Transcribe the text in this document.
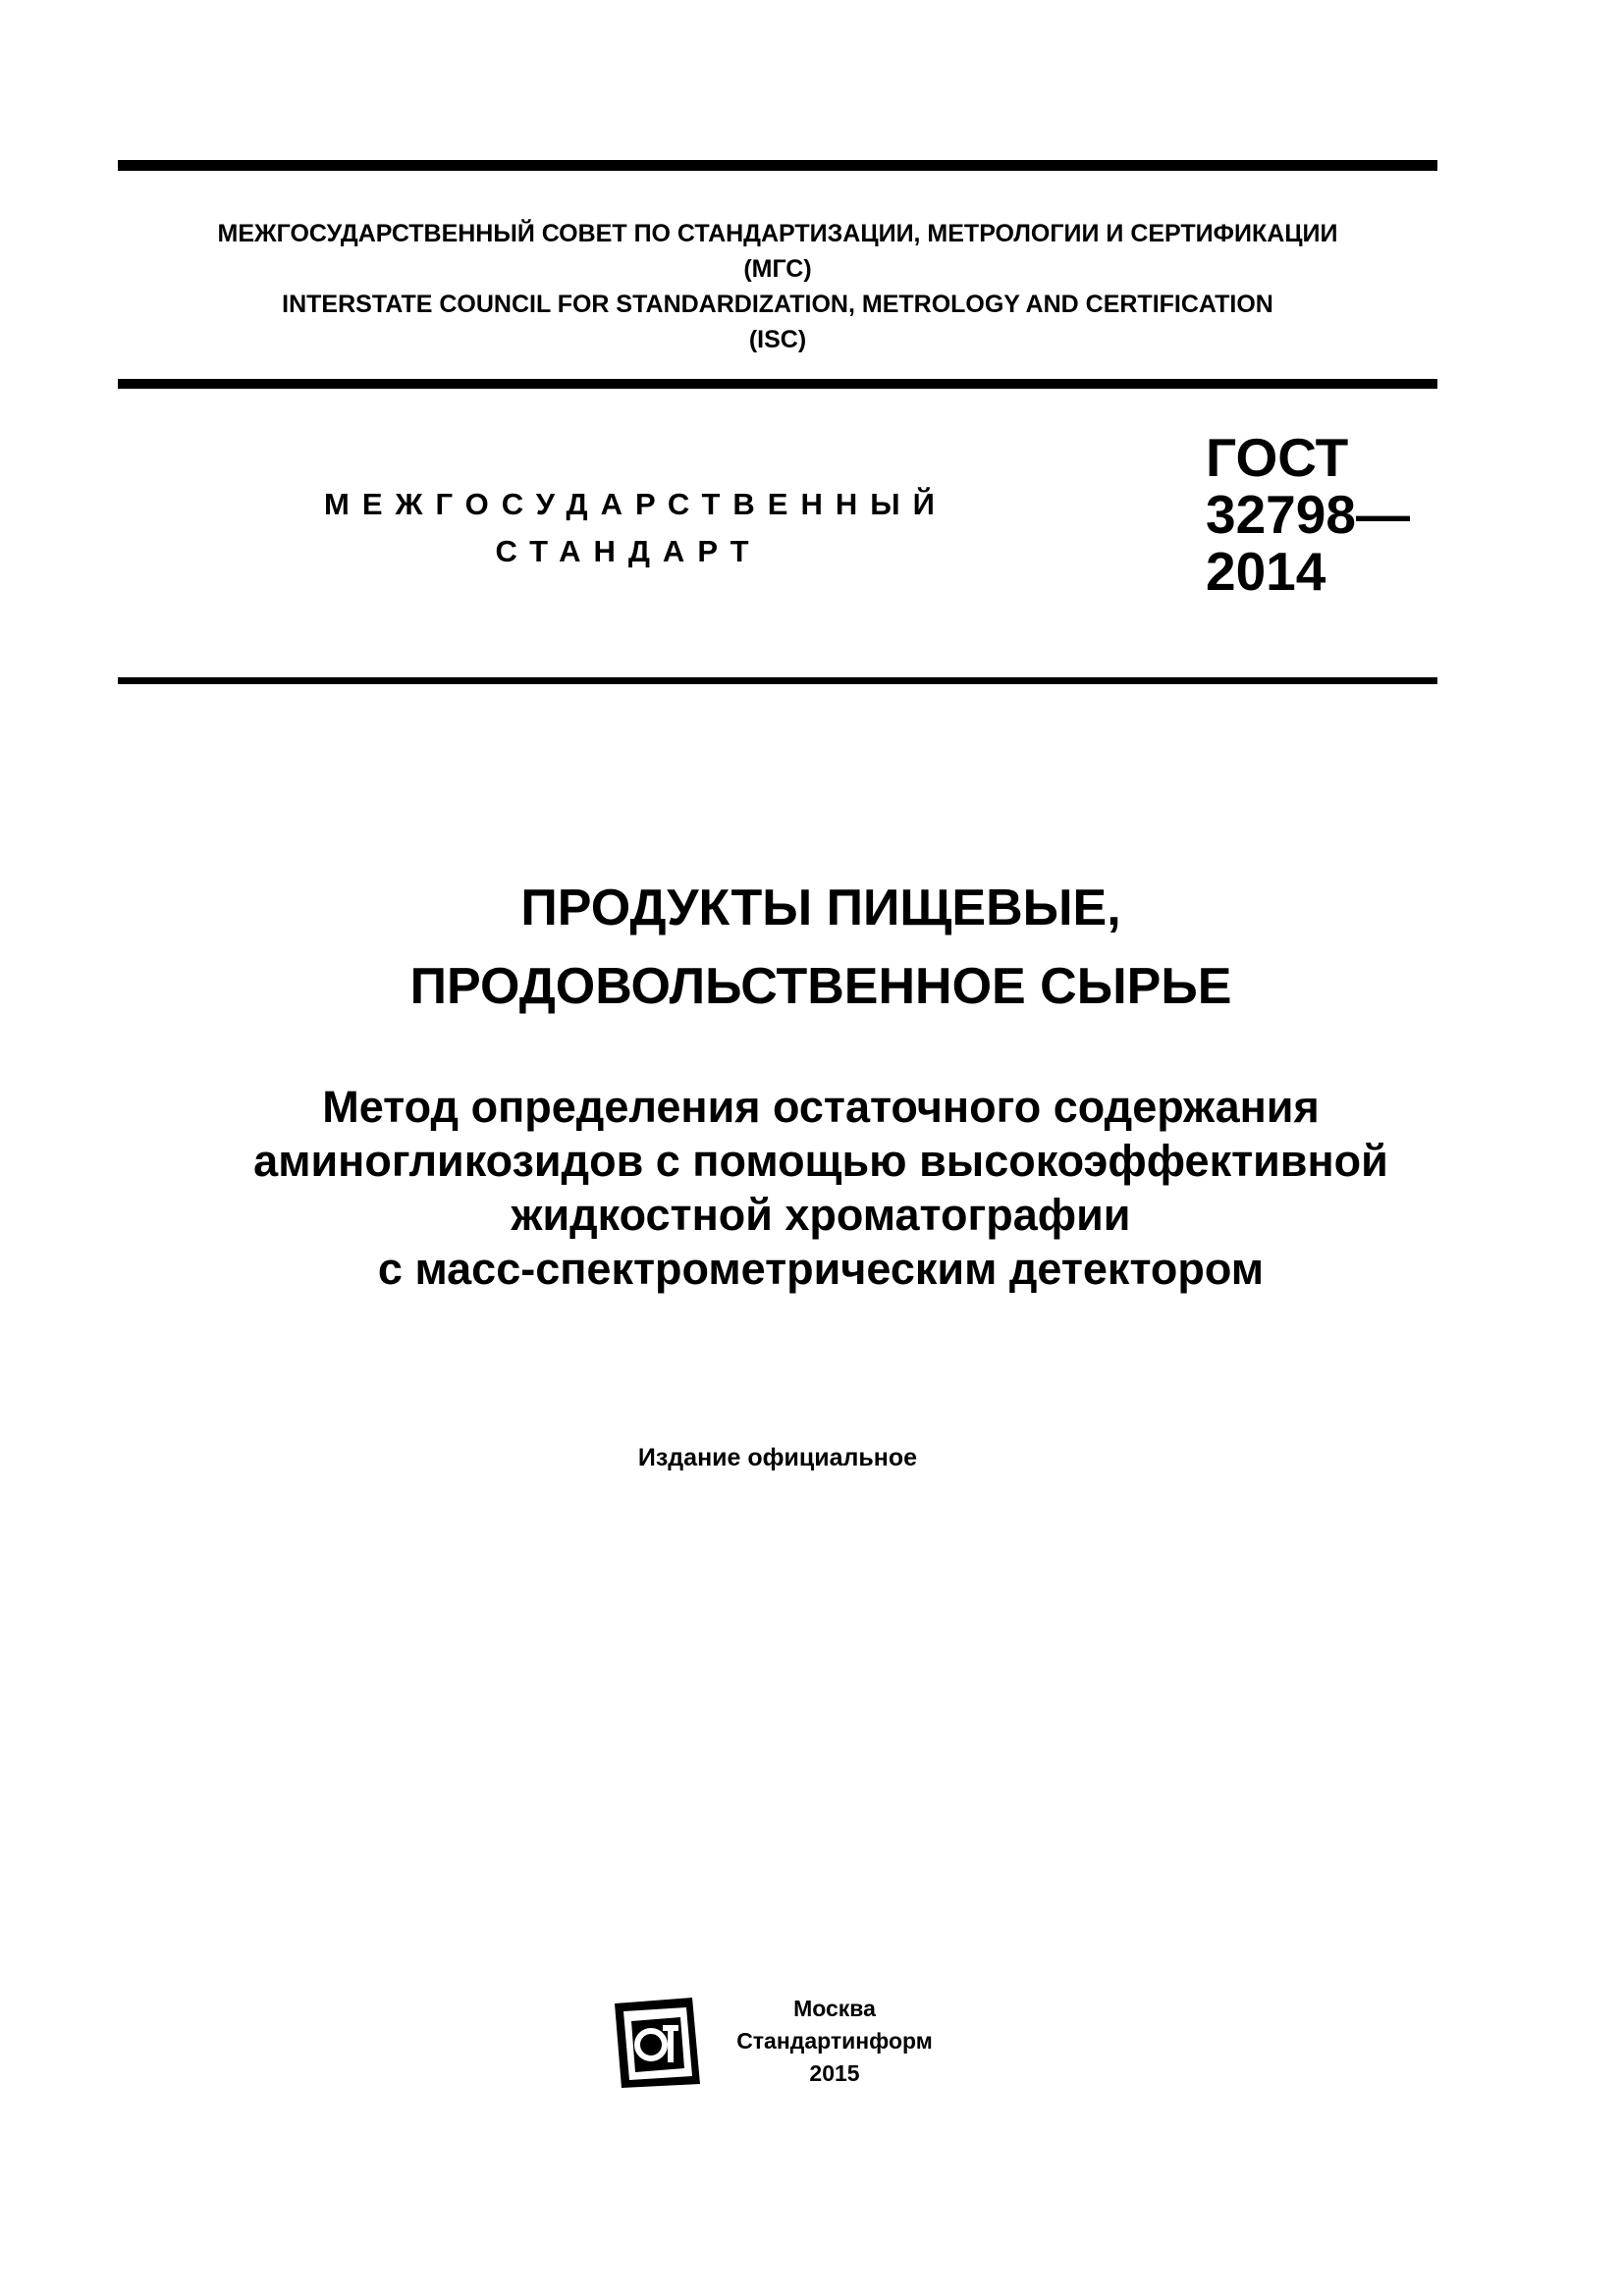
МЕЖГОСУДАРСТВЕННЫЙ СОВЕТ ПО СТАНДАРТИЗАЦИИ, МЕТРОЛОГИИ И СЕРТИФИКАЦИИ
(МГС)
INTERSTATE COUNCIL FOR STANDARDIZATION, METROLOGY AND CERTIFICATION
(ISC)
МЕЖГОСУДАРСТВЕННЫЙ
СТАНДАРТ
ГОСТ
32798—
2014
ПРОДУКТЫ ПИЩЕВЫЕ,
ПРОДОВОЛЬСТВЕННОЕ СЫРЬЕ
Метод определения остаточного содержания
аминогликозидов с помощью высокоэффективной
жидкостной хроматографии
с масс-спектрометрическим детектором
Издание официальное
Москва
Стандартинформ
2015
